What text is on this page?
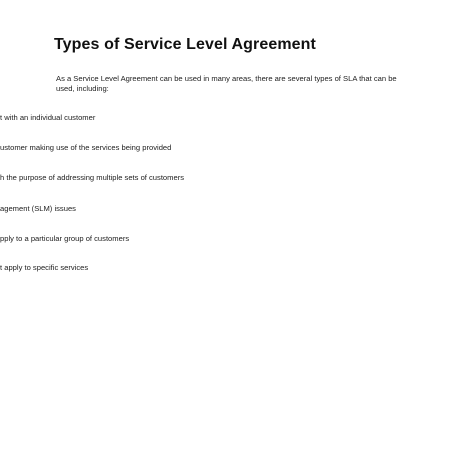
Types of Service Level Agreement
As a Service Level Agreement can be used in many areas, there are several types of SLA that can be used, including:
t with an individual customer
ustomer making use of the services being provided
h the purpose of addressing multiple sets of customers
agement (SLM) issues
pply to a particular group of customers
t apply to specific services
